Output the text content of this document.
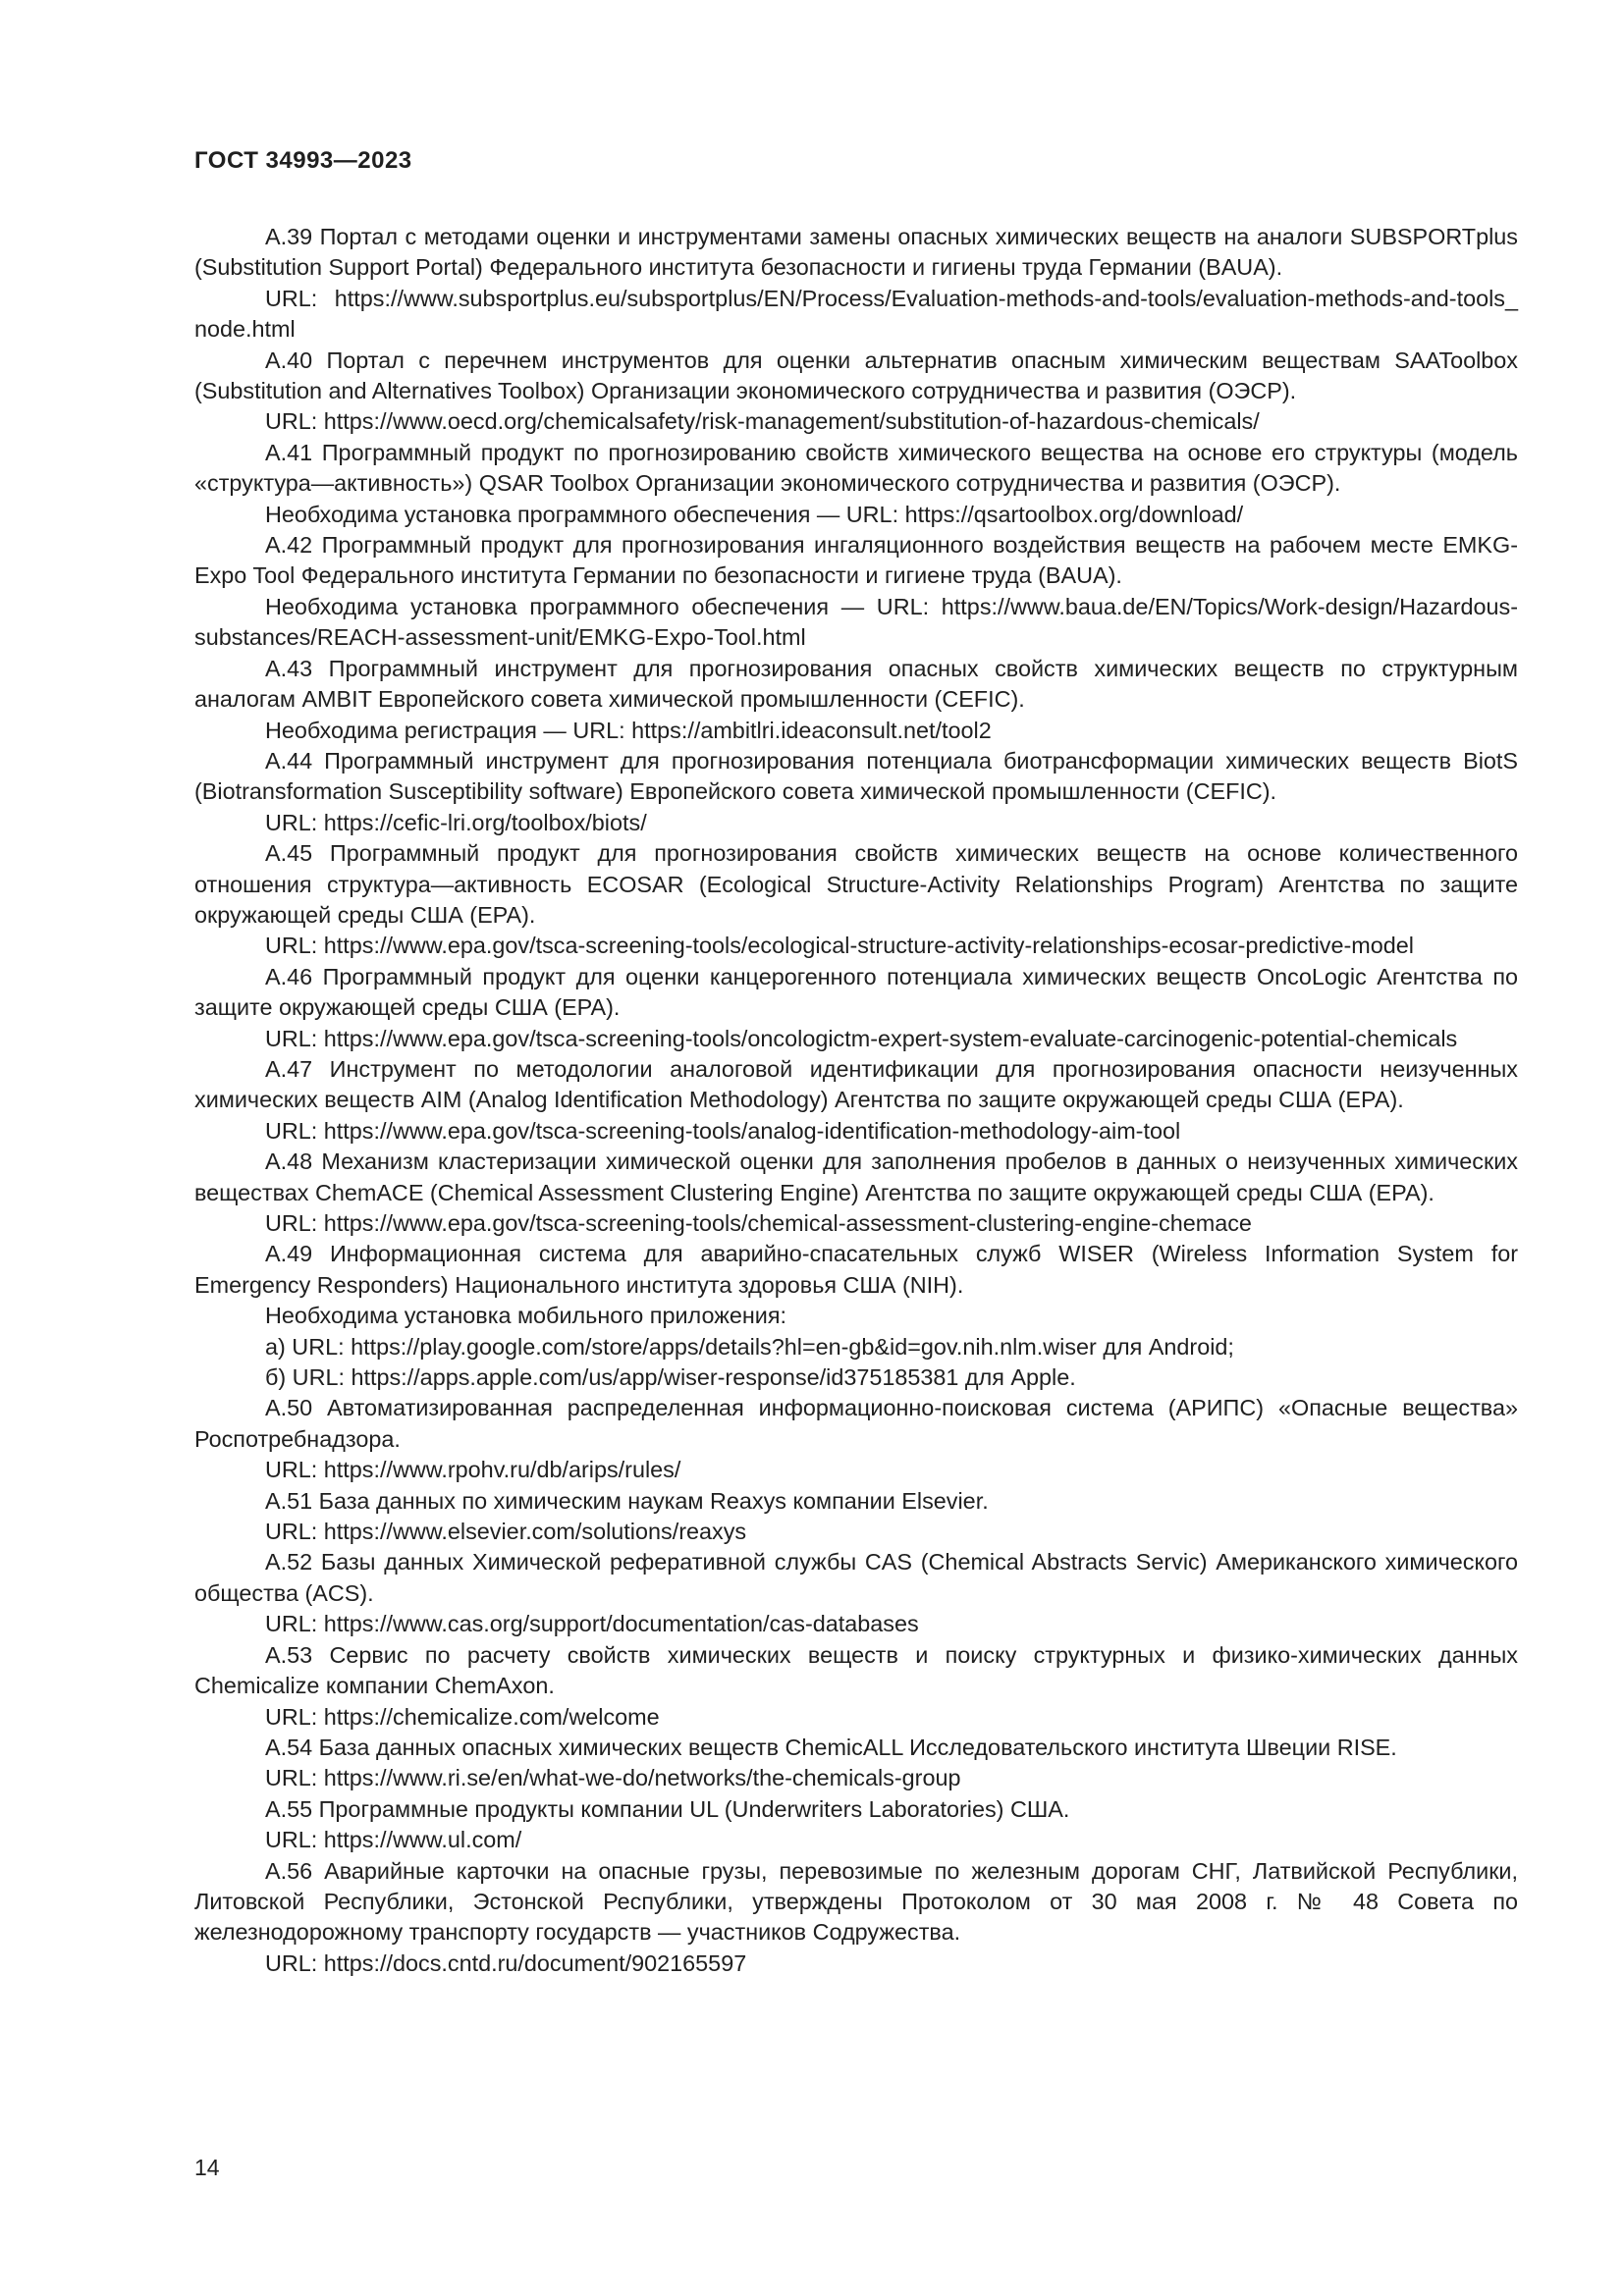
ГОСТ 34993—2023

А.39 Портал с методами оценки и инструментами замены опасных химических веществ на аналоги SUBSPORTplus (Substitution Support Portal) Федерального института безопасности и гигиены труда Германии (BAUA).

URL: https://www.subsportplus.eu/subsportplus/EN/Process/Evaluation-methods-and-tools/evaluation-methods-and-tools_node.html

А.40 Портал с перечнем инструментов для оценки альтернатив опасным химическим веществам SAAToolbox (Substitution and Alternatives Toolbox) Организации экономического сотрудничества и развития (ОЭСР).

URL: https://www.oecd.org/chemicalsafety/risk-management/substitution-of-hazardous-chemicals/

А.41 Программный продукт по прогнозированию свойств химического вещества на основе его структуры (модель «структура—активность») QSAR Toolbox Организации экономического сотрудничества и развития (ОЭСР).

Необходима установка программного обеспечения — URL: https://qsartoolbox.org/download/

А.42 Программный продукт для прогнозирования ингаляционного воздействия веществ на рабочем месте EMKG-Expo Tool Федерального института Германии по безопасности и гигиене труда (BAUA).

Необходима установка программного обеспечения — URL: https://www.baua.de/EN/Topics/Work-design/Hazardous-substances/REACH-assessment-unit/EMKG-Expo-Tool.html

А.43 Программный инструмент для прогнозирования опасных свойств химических веществ по структурным аналогам AMBIT Европейского совета химической промышленности (CEFIC).

Необходима регистрация — URL: https://ambitlri.ideaconsult.net/tool2

А.44 Программный инструмент для прогнозирования потенциала биотрансформации химических веществ BiotS (Biotransformation Susceptibility software) Европейского совета химической промышленности (CEFIC).

URL: https://cefic-lri.org/toolbox/biots/

А.45 Программный продукт для прогнозирования свойств химических веществ на основе количественного отношения структура—активность ECOSAR (Ecological Structure-Activity Relationships Program) Агентства по защите окружающей среды США (EPA).

URL: https://www.epa.gov/tsca-screening-tools/ecological-structure-activity-relationships-ecosar-predictive-model

А.46 Программный продукт для оценки канцерогенного потенциала химических веществ OncoLogic Агентства по защите окружающей среды США (EPA).

URL: https://www.epa.gov/tsca-screening-tools/oncologictm-expert-system-evaluate-carcinogenic-potential-chemicals

А.47 Инструмент по методологии аналоговой идентификации для прогнозирования опасности неизученных химических веществ AIM (Analog Identification Methodology) Агентства по защите окружающей среды США (EPA).

URL: https://www.epa.gov/tsca-screening-tools/analog-identification-methodology-aim-tool

А.48 Механизм кластеризации химической оценки для заполнения пробелов в данных о неизученных химических веществах ChemACE (Chemical Assessment Clustering Engine) Агентства по защите окружающей среды США (EPA).

URL: https://www.epa.gov/tsca-screening-tools/chemical-assessment-clustering-engine-chemace

А.49 Информационная система для аварийно-спасательных служб WISER (Wireless Information System for Emergency Responders) Национального института здоровья США (NIH).

Необходима установка мобильного приложения:

а) URL: https://play.google.com/store/apps/details?hl=en-gb&id=gov.nih.nlm.wiser для Android;

б) URL: https://apps.apple.com/us/app/wiser-response/id375185381 для Apple.

А.50 Автоматизированная распределенная информационно-поисковая система (АРИПС) «Опасные вещества» Роспотребнадзора.

URL: https://www.rpohv.ru/db/arips/rules/

А.51 База данных по химическим наукам Reaxys компании Elsevier.

URL: https://www.elsevier.com/solutions/reaxys

А.52 Базы данных Химической реферативной службы CAS (Chemical Abstracts Servic) Американского химического общества (ACS).

URL: https://www.cas.org/support/documentation/cas-databases

А.53 Сервис по расчету свойств химических веществ и поиску структурных и физико-химических данных Chemicalize компании ChemAxon.

URL: https://chemicalize.com/welcome

А.54 База данных опасных химических веществ ChemicALL Исследовательского института Швеции RISE.

URL: https://www.ri.se/en/what-we-do/networks/the-chemicals-group

А.55 Программные продукты компании UL (Underwriters Laboratories) США.

URL: https://www.ul.com/

А.56 Аварийные карточки на опасные грузы, перевозимые по железным дорогам СНГ, Латвийской Республики, Литовской Республики, Эстонской Республики, утверждены Протоколом от 30 мая 2008 г. № 48 Совета по железнодорожному транспорту государств — участников Содружества.

URL: https://docs.cntd.ru/document/902165597

14
